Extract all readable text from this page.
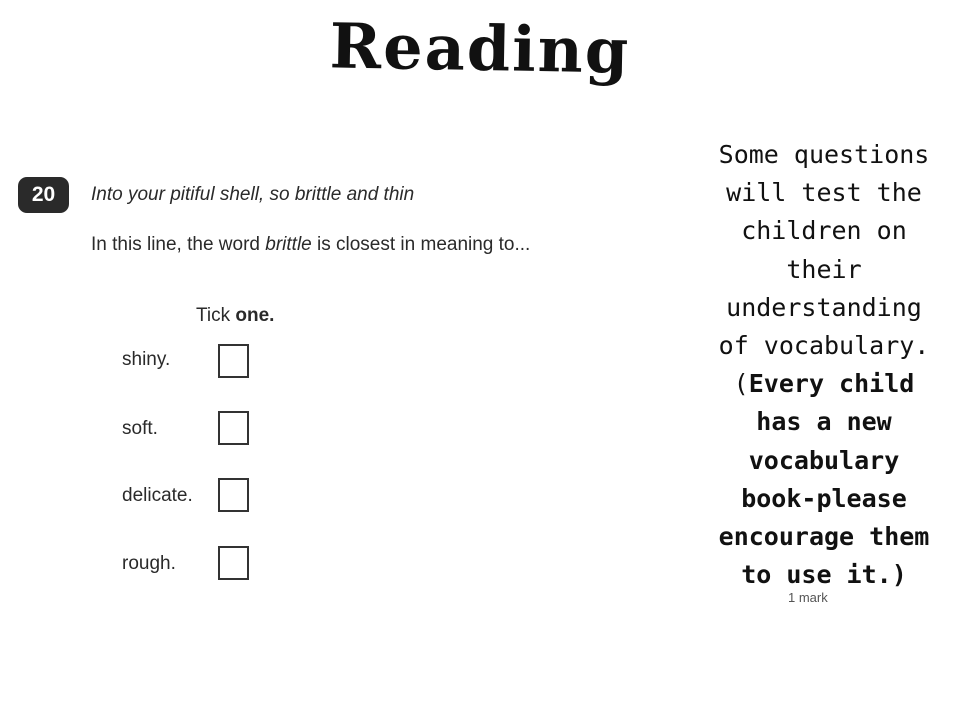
Reading
20	Into your pitiful shell, so brittle and thin
In this line, the word brittle is closest in meaning to...
Tick one.
shiny.
soft.
delicate.
rough.
1 mark
Some questions will test the children on their understanding of vocabulary. (Every child has a new vocabulary book-please encourage them to use it.)
